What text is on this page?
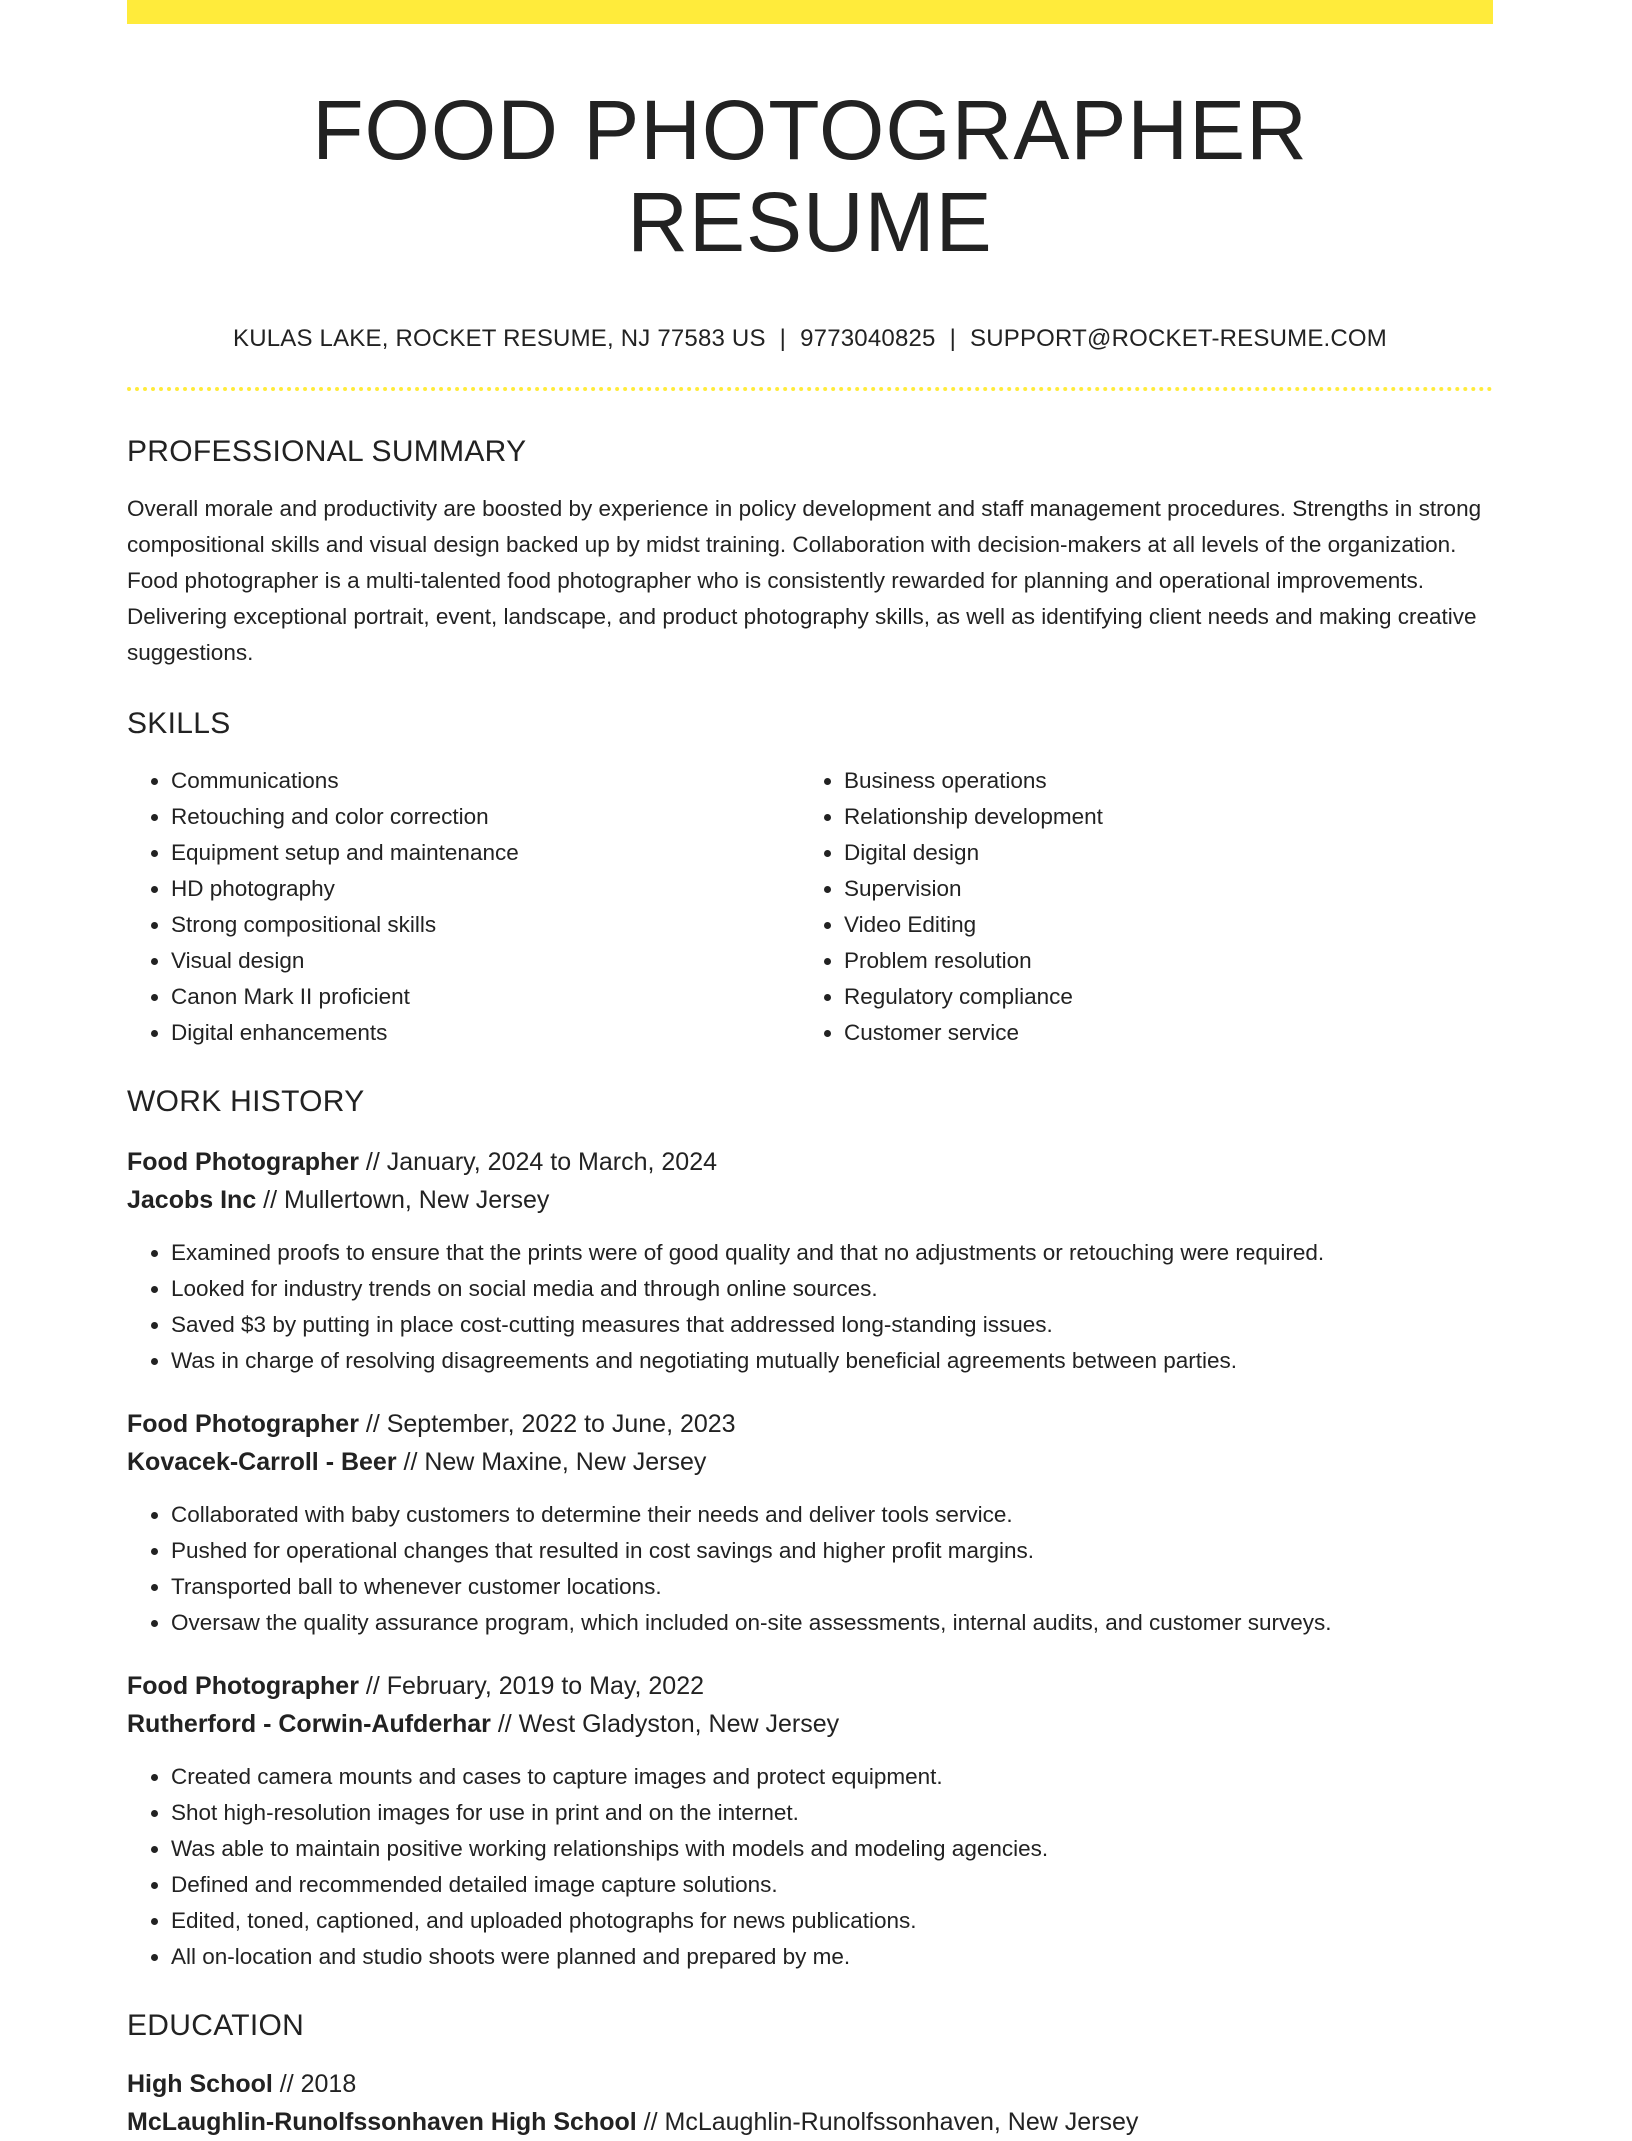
FOOD PHOTOGRAPHER RESUME
KULAS LAKE, ROCKET RESUME, NJ 77583 US | 9773040825 | SUPPORT@ROCKET-RESUME.COM
PROFESSIONAL SUMMARY

Overall morale and productivity are boosted by experience in policy development and staff management procedures. Strengths in strong compositional skills and visual design backed up by midst training. Collaboration with decision-makers at all levels of the organization. Food photographer is a multi-talented food photographer who is consistently rewarded for planning and operational improvements. Delivering exceptional portrait, event, landscape, and product photography skills, as well as identifying client needs and making creative suggestions.

SKILLS
• Communications
• Retouching and color correction
• Equipment setup and maintenance
• HD photography
• Strong compositional skills
• Visual design
• Canon Mark II proficient
• Digital enhancements
• Business operations
• Relationship development
• Digital design
• Supervision
• Video Editing
• Problem resolution
• Regulatory compliance
• Customer service
WORK HISTORY
Food Photographer // January, 2024 to March, 2024
Jacobs Inc // Mullertown, New Jersey
• Examined proofs to ensure that the prints were of good quality and that no adjustments or retouching were required.
• Looked for industry trends on social media and through online sources.
• Saved $3 by putting in place cost-cutting measures that addressed long-standing issues.
• Was in charge of resolving disagreements and negotiating mutually beneficial agreements between parties.
Food Photographer // September, 2022 to June, 2023
Kovacek-Carroll - Beer // New Maxine, New Jersey
• Collaborated with baby customers to determine their needs and deliver tools service.
• Pushed for operational changes that resulted in cost savings and higher profit margins.
• Transported ball to whenever customer locations.
• Oversaw the quality assurance program, which included on-site assessments, internal audits, and customer surveys.
Food Photographer // February, 2019 to May, 2022
Rutherford - Corwin-Aufderhar // West Gladyston, New Jersey
• Created camera mounts and cases to capture images and protect equipment.
• Shot high-resolution images for use in print and on the internet.
• Was able to maintain positive working relationships with models and modeling agencies.
• Defined and recommended detailed image capture solutions.
• Edited, toned, captioned, and uploaded photographs for news publications.
• All on-location and studio shoots were planned and prepared by me.
EDUCATION
High School // 2018
McLaughlin-Runolfssonhaven High School // McLaughlin-Runolfssonhaven, New Jersey
